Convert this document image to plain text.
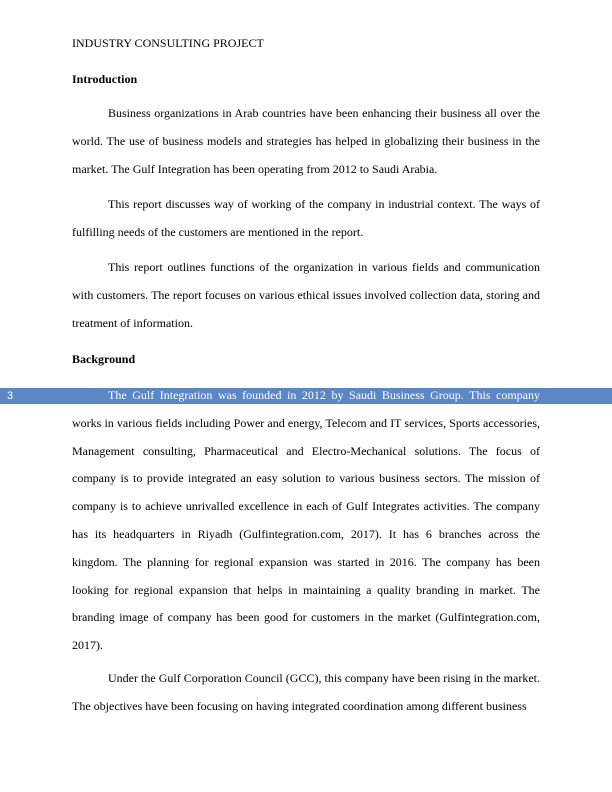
INDUSTRY CONSULTING PROJECT
Introduction

Business organizations in Arab countries have been enhancing their business all over the world. The use of business models and strategies has helped in globalizing their business in the market. The Gulf Integration has been operating from 2012 to Saudi Arabia.

This report discusses way of working of the company in industrial context. The ways of fulfilling needs of the customers are mentioned in the report.

This report outlines functions of the organization in various fields and communication with customers. The report focuses on various ethical issues involved collection data, storing and treatment of information.

Background
3	The Gulf Integration was founded in 2012 by Saudi Business Group. This company works in various fields including Power and energy, Telecom and IT services, Sports accessories, Management consulting, Pharmaceutical and Electro-Mechanical solutions. The focus of company is to provide integrated an easy solution to various business sectors. The mission of company is to achieve unrivalled excellence in each of Gulf Integrates activities. The company has its headquarters in Riyadh (Gulfintegration.com, 2017). It has 6 branches across the kingdom. The planning for regional expansion was started in 2016. The company has been looking for regional expansion that helps in maintaining a quality branding in market. The branding image of company has been good for customers in the market (Gulfintegration.com, 2017).

Under the Gulf Corporation Council (GCC), this company have been rising in the market. The objectives have been focusing on having integrated coordination among different business
